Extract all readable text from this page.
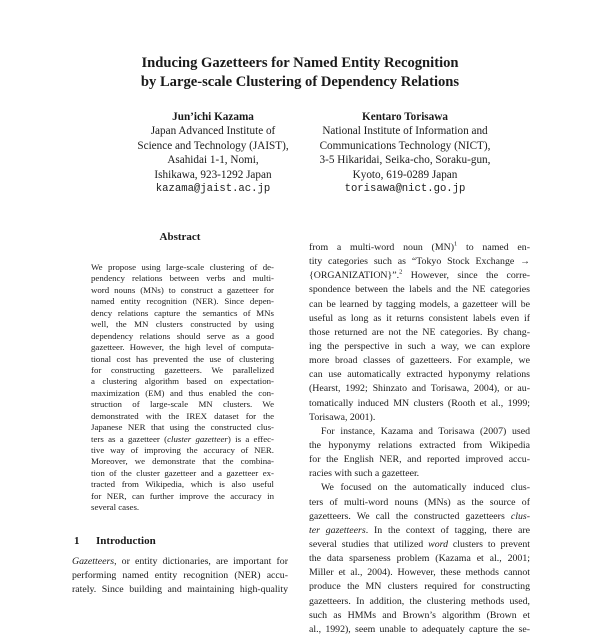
Inducing Gazetteers for Named Entity Recognition
by Large-scale Clustering of Dependency Relations
Jun’ichi Kazama
Japan Advanced Institute of
Science and Technology (JAIST),
Asahidai 1-1, Nomi,
Ishikawa, 923-1292 Japan
kazama@jaist.ac.jp
Kentaro Torisawa
National Institute of Information and
Communications Technology (NICT),
3-5 Hikaridai, Seika-cho, Soraku-gun,
Kyoto, 619-0289 Japan
torisawa@nict.go.jp
Abstract
We propose using large-scale clustering of de-
pendency relations between verbs and multi-
word nouns (MNs) to construct a gazetteer for
named entity recognition (NER). Since depen-
dency relations capture the semantics of MNs
well, the MN clusters constructed by using
dependency relations should serve as a good
gazetteer. However, the high level of computa-
tional cost has prevented the use of clustering
for constructing gazetteers. We parallelized
a clustering algorithm based on expectation-
maximization (EM) and thus enabled the con-
struction of large-scale MN clusters. We
demonstrated with the IREX dataset for the
Japanese NER that using the constructed clus-
ters as a gazetteer (cluster gazetteer) is a effec-
tive way of improving the accuracy of NER.
Moreover, we demonstrate that the combina-
tion of the cluster gazetteer and a gazetteer ex-
tracted from Wikipedia, which is also useful
for NER, can further improve the accuracy in
several cases.
1 Introduction
Gazetteers, or entity dictionaries, are important for
performing named entity recognition (NER) accu-
rately. Since building and maintaining high-quality
from a multi-word noun (MN)$^1$ to named en-
tity categories such as “Tokyo Stock Exchange →
{ORGANIZATION}”.$^2$ However, since the corre-
spondence between the labels and the NE categories
can be learned by tagging models, a gazetteer will be
useful as long as it returns consistent labels even if
those returned are not the NE categories. By chang-
ing the perspective in such a way, we can explore
more broad classes of gazetteers. For example, we
can use automatically extracted hyponymy relations
(Hearst, 1992; Shinzato and Torisawa, 2004), or au-
tomatically induced MN clusters (Rooth et al., 1999;
Torisawa, 2001).
For instance, Kazama and Torisawa (2007) used
the hyponymy relations extracted from Wikipedia
for the English NER, and reported improved accu-
racies with such a gazetteer.
We focused on the automatically induced clus-
ters of multi-word nouns (MNs) as the source of
gazetteers. We call the constructed gazetteers clus-
ter gazetteers. In the context of tagging, there are
several studies that utilized word clusters to prevent
the data sparseness problem (Kazama et al., 2001;
Miller et al., 2004). However, these methods cannot
produce the MN clusters required for constructing
gazetteers. In addition, the clustering methods used,
such as HMMs and Brown’s algorithm (Brown et
al., 1992), seem unable to adequately capture the se-
